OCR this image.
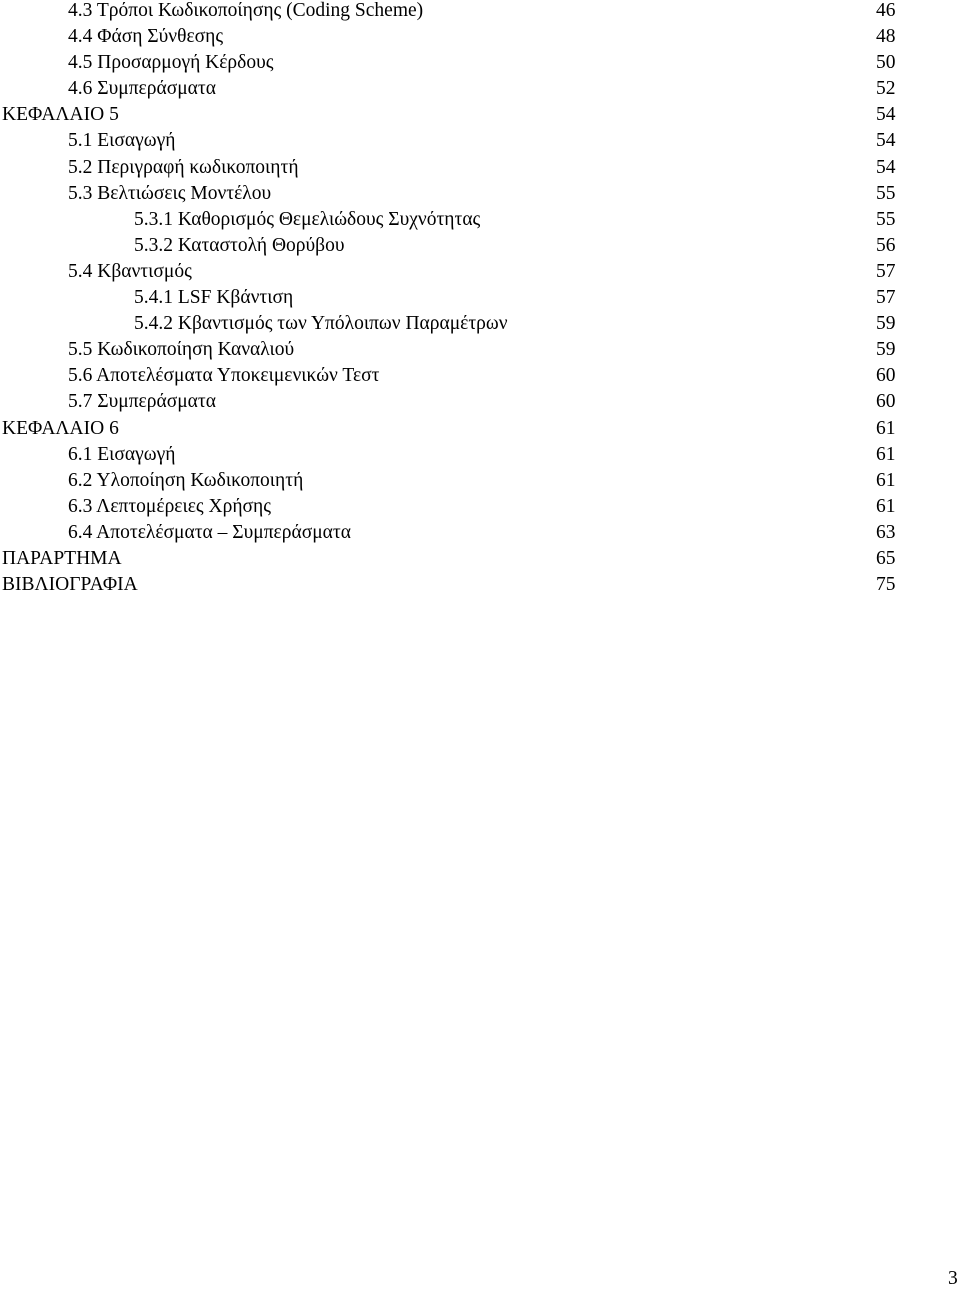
4.3 Τρόποι Κωδικοποίησης (Coding Scheme)	46
4.4 Φάση Σύνθεσης	48
4.5 Προσαρμογή Κέρδους	50
4.6 Συμπεράσματα	52
ΚΕΦΑΛΑΙΟ 5	54
5.1 Εισαγωγή	54
5.2 Περιγραφή κωδικοποιητή	54
5.3 Βελτιώσεις Μοντέλου	55
5.3.1 Καθορισμός Θεμελιώδους Συχνότητας	55
5.3.2 Καταστολή Θορύβου	56
5.4 Κβαντισμός	57
5.4.1 LSF Κβάντιση	57
5.4.2 Κβαντισμός των Υπόλοιπων Παραμέτρων	59
5.5 Κωδικοποίηση Καναλιού	59
5.6 Αποτελέσματα Υποκειμενικών Τεστ	60
5.7 Συμπεράσματα	60
ΚΕΦΑΛΑΙΟ 6	61
6.1 Εισαγωγή	61
6.2 Υλοποίηση Κωδικοποιητή	61
6.3 Λεπτομέρειες Χρήσης	61
6.4 Αποτελέσματα – Συμπεράσματα	63
ΠΑΡΑΡΤΗΜΑ	65
ΒΙΒΛΙΟΓΡΑΦΙΑ	75
3
